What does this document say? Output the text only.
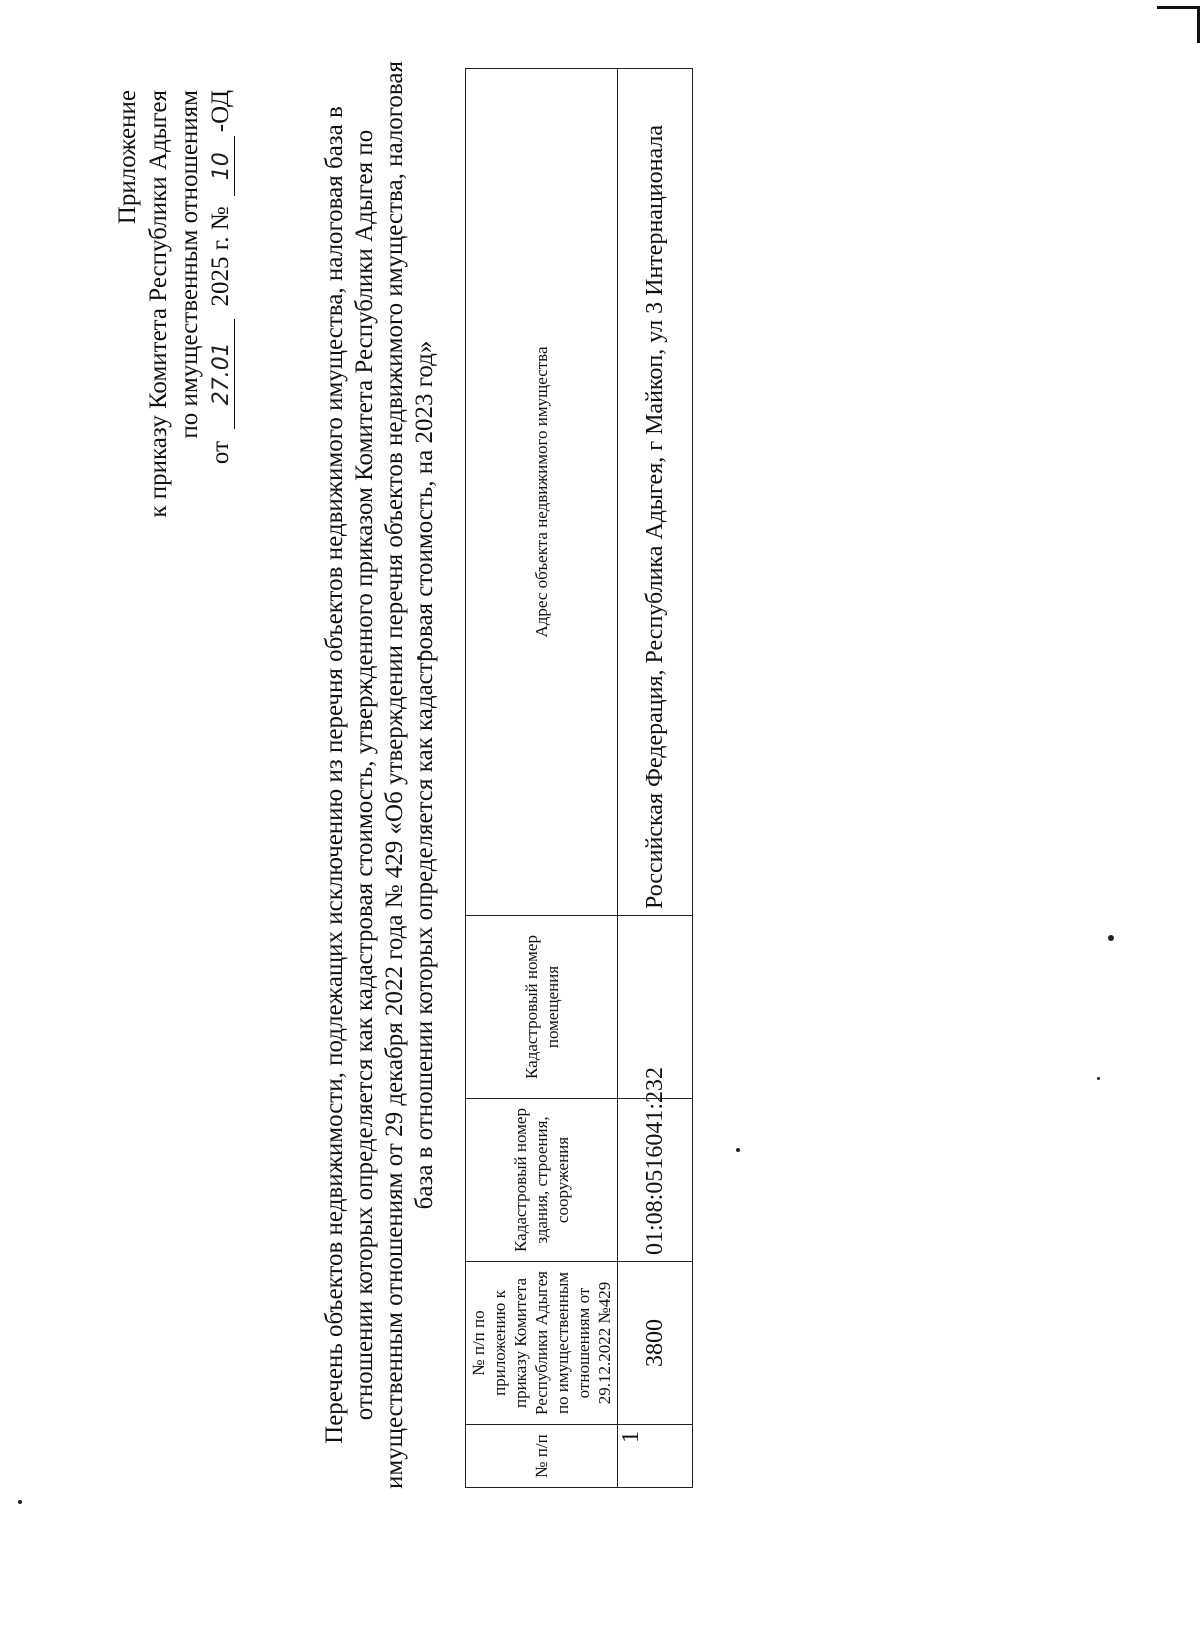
Приложение к приказу Комитета Республики Адыгея по имущественным отношениям
от 27.01 2025 г. № 10-ОД	Перечень объектов недвижимости, подлежащих исключению из перечня объектов недвижимого имущества, налоговая база в отношении которых определяется как кадастровая стоимость, утвержденного приказом Комитета Республики Адыгея по имущественным отношениям от 29 декабря 2022 года № 429 «Об утверждении перечня объектов недвижимого имущества, налоговая база в отношении которых определяется как кадастровая стоимость, на 2023 год»
№ п/п	№ п/п по приложению к приказу Комитета Республики Адыгея по имущественным отношениям от 29.12.2022 №429	Кадастровый номер здания, строения, сооружения	Кадастровый номер помещения	Адрес объекта недвижимого имущества
1	3800	01:08:0516041:232		Российская Федерация, Республика Адыгея, г Майкоп, ул 3 Интернационала
